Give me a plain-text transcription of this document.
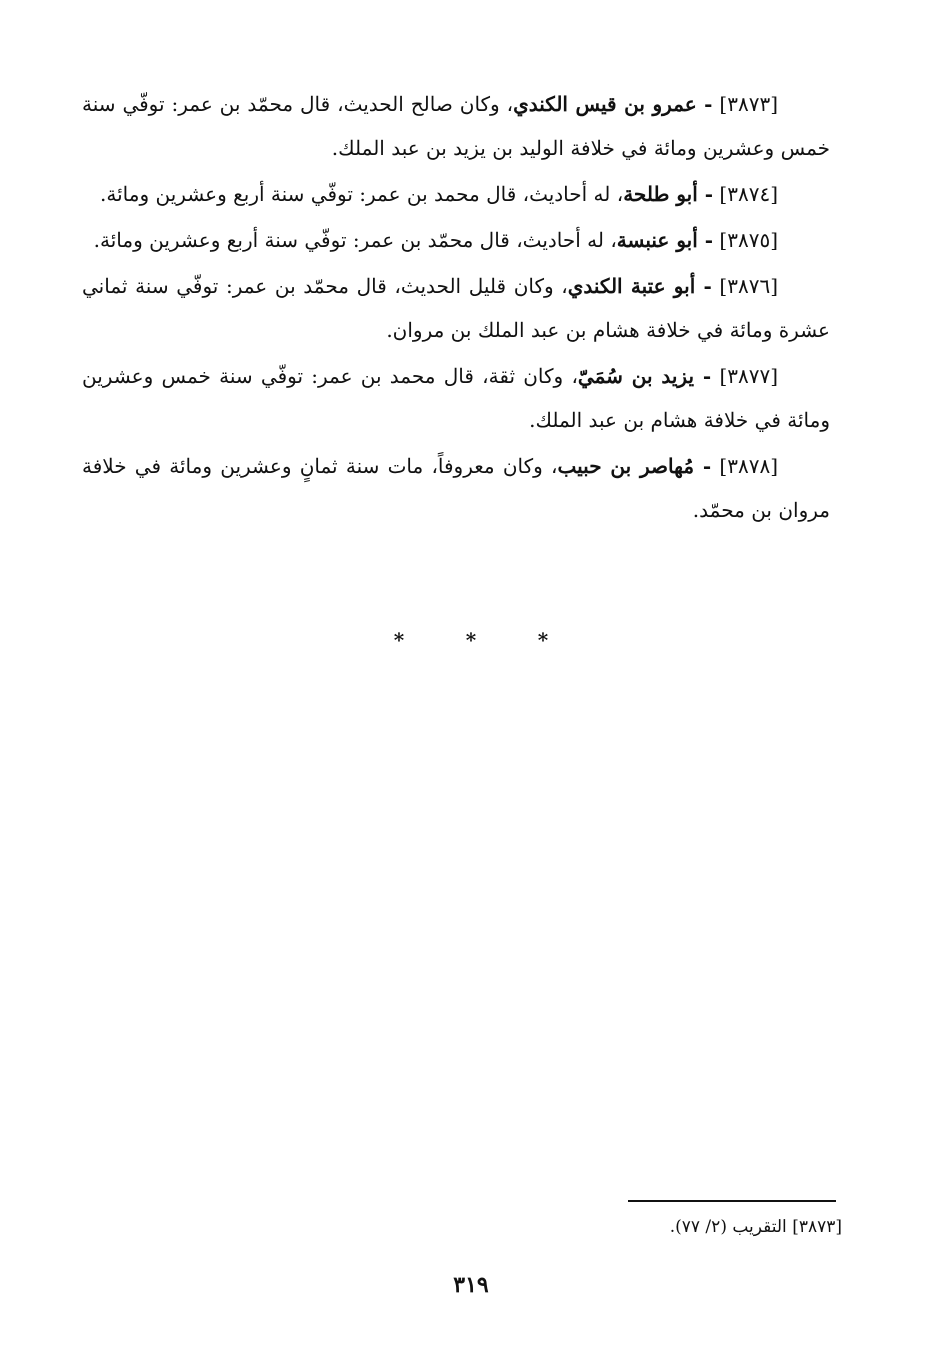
[٣٨٧٣] - عمرو بن قيس الكندي، وكان صالح الحديث، قال محمّد بن عمر: توفّي سنة خمس وعشرين ومائة في خلافة الوليد بن يزيد بن عبد الملك.

[٣٨٧٤] - أبو طلحة، له أحاديث، قال محمد بن عمر: توفّي سنة أربع وعشرين ومائة.

[٣٨٧٥] - أبو عنبسة، له أحاديث، قال محمّد بن عمر: توفّي سنة أربع وعشرين ومائة.

[٣٨٧٦] - أبو عتبة الكندي، وكان قليل الحديث، قال محمّد بن عمر: توفّي سنة ثماني عشرة ومائة في خلافة هشام بن عبد الملك بن مروان.

[٣٨٧٧] - يزيد بن سُمَيّ، وكان ثقة، قال محمد بن عمر: توفّي سنة خمس وعشرين ومائة في خلافة هشام بن عبد الملك.

[٣٨٧٨] - مُهاصر بن حبيب، وكان معروفاً، مات سنة ثمانٍ وعشرين ومائة في خلافة مروان بن محمّد.

*	*	*
[٣٨٧٣] التقريب (٢/ ٧٧).
٣١٩
